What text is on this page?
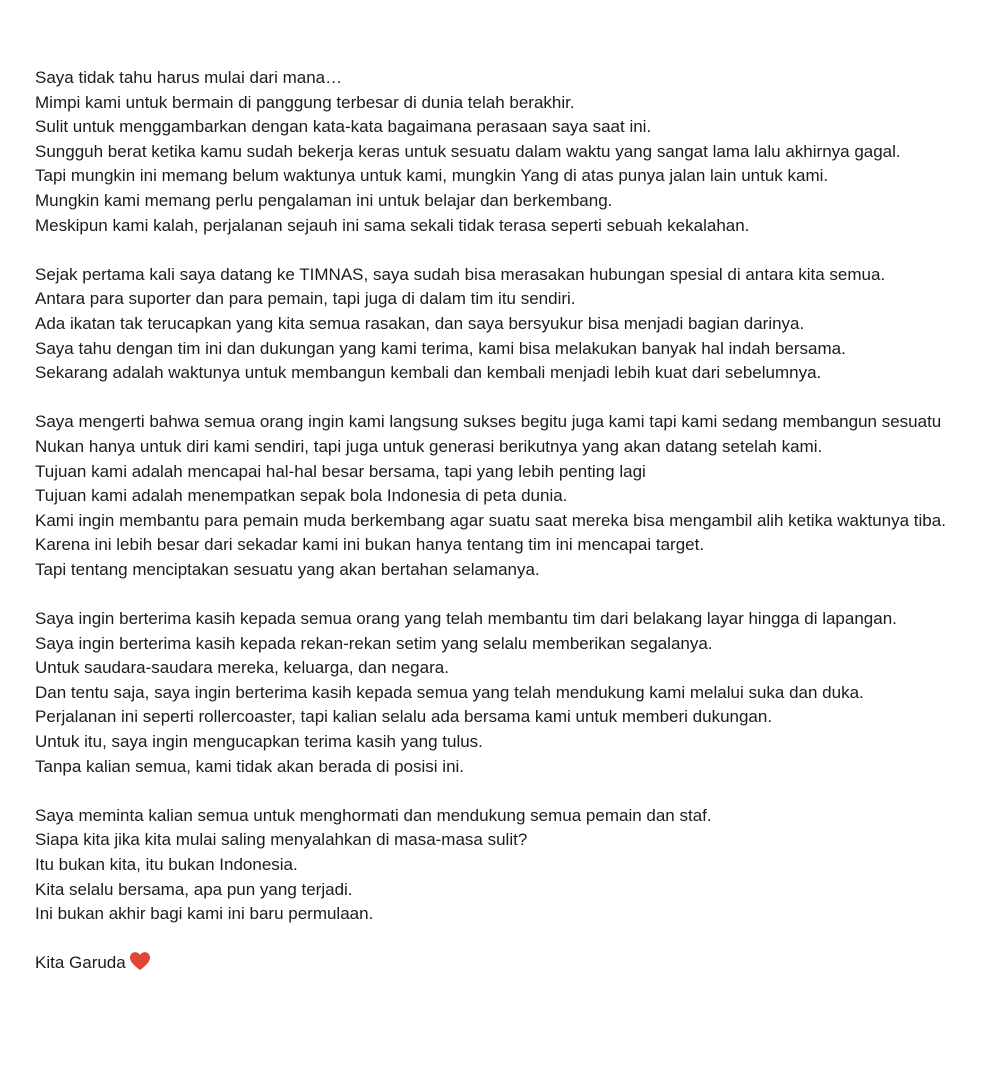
Saya tidak tahu harus mulai dari mana…
Mimpi kami untuk bermain di panggung terbesar di dunia telah berakhir.
Sulit untuk menggambarkan dengan kata-kata bagaimana perasaan saya saat ini.
Sungguh berat ketika kamu sudah bekerja keras untuk sesuatu dalam waktu yang sangat lama lalu akhirnya gagal.
Tapi mungkin ini memang belum waktunya untuk kami, mungkin Yang di atas punya jalan lain untuk kami.
Mungkin kami memang perlu pengalaman ini untuk belajar dan berkembang.
Meskipun kami kalah, perjalanan sejauh ini sama sekali tidak terasa seperti sebuah kekalahan.
Sejak pertama kali saya datang ke TIMNAS, saya sudah bisa merasakan hubungan spesial di antara kita semua.
Antara para suporter dan para pemain, tapi juga di dalam tim itu sendiri.
Ada ikatan tak terucapkan yang kita semua rasakan, dan saya bersyukur bisa menjadi bagian darinya.
Saya tahu dengan tim ini dan dukungan yang kami terima, kami bisa melakukan banyak hal indah bersama.
Sekarang adalah waktunya untuk membangun kembali dan kembali menjadi lebih kuat dari sebelumnya.
Saya mengerti bahwa semua orang ingin kami langsung sukses begitu juga kami tapi kami sedang membangun sesuatu
Nukan hanya untuk diri kami sendiri, tapi juga untuk generasi berikutnya yang akan datang setelah kami.
Tujuan kami adalah mencapai hal-hal besar bersama, tapi yang lebih penting lagi
Tujuan kami adalah menempatkan sepak bola Indonesia di peta dunia.
Kami ingin membantu para pemain muda berkembang agar suatu saat mereka bisa mengambil alih ketika waktunya tiba.
Karena ini lebih besar dari sekadar kami ini bukan hanya tentang tim ini mencapai target.
Tapi tentang menciptakan sesuatu yang akan bertahan selamanya.
Saya ingin berterima kasih kepada semua orang yang telah membantu tim dari belakang layar hingga di lapangan.
Saya ingin berterima kasih kepada rekan-rekan setim yang selalu memberikan segalanya.
Untuk saudara-saudara mereka, keluarga, dan negara.
Dan tentu saja, saya ingin berterima kasih kepada semua yang telah mendukung kami melalui suka dan duka.
Perjalanan ini seperti rollercoaster, tapi kalian selalu ada bersama kami untuk memberi dukungan.
Untuk itu, saya ingin mengucapkan terima kasih yang tulus.
Tanpa kalian semua, kami tidak akan berada di posisi ini.
Saya meminta kalian semua untuk menghormati dan mendukung semua pemain dan staf.
Siapa kita jika kita mulai saling menyalahkan di masa-masa sulit?
Itu bukan kita, itu bukan Indonesia.
Kita selalu bersama, apa pun yang terjadi.
Ini bukan akhir bagi kami ini baru permulaan.
Kita Garuda
